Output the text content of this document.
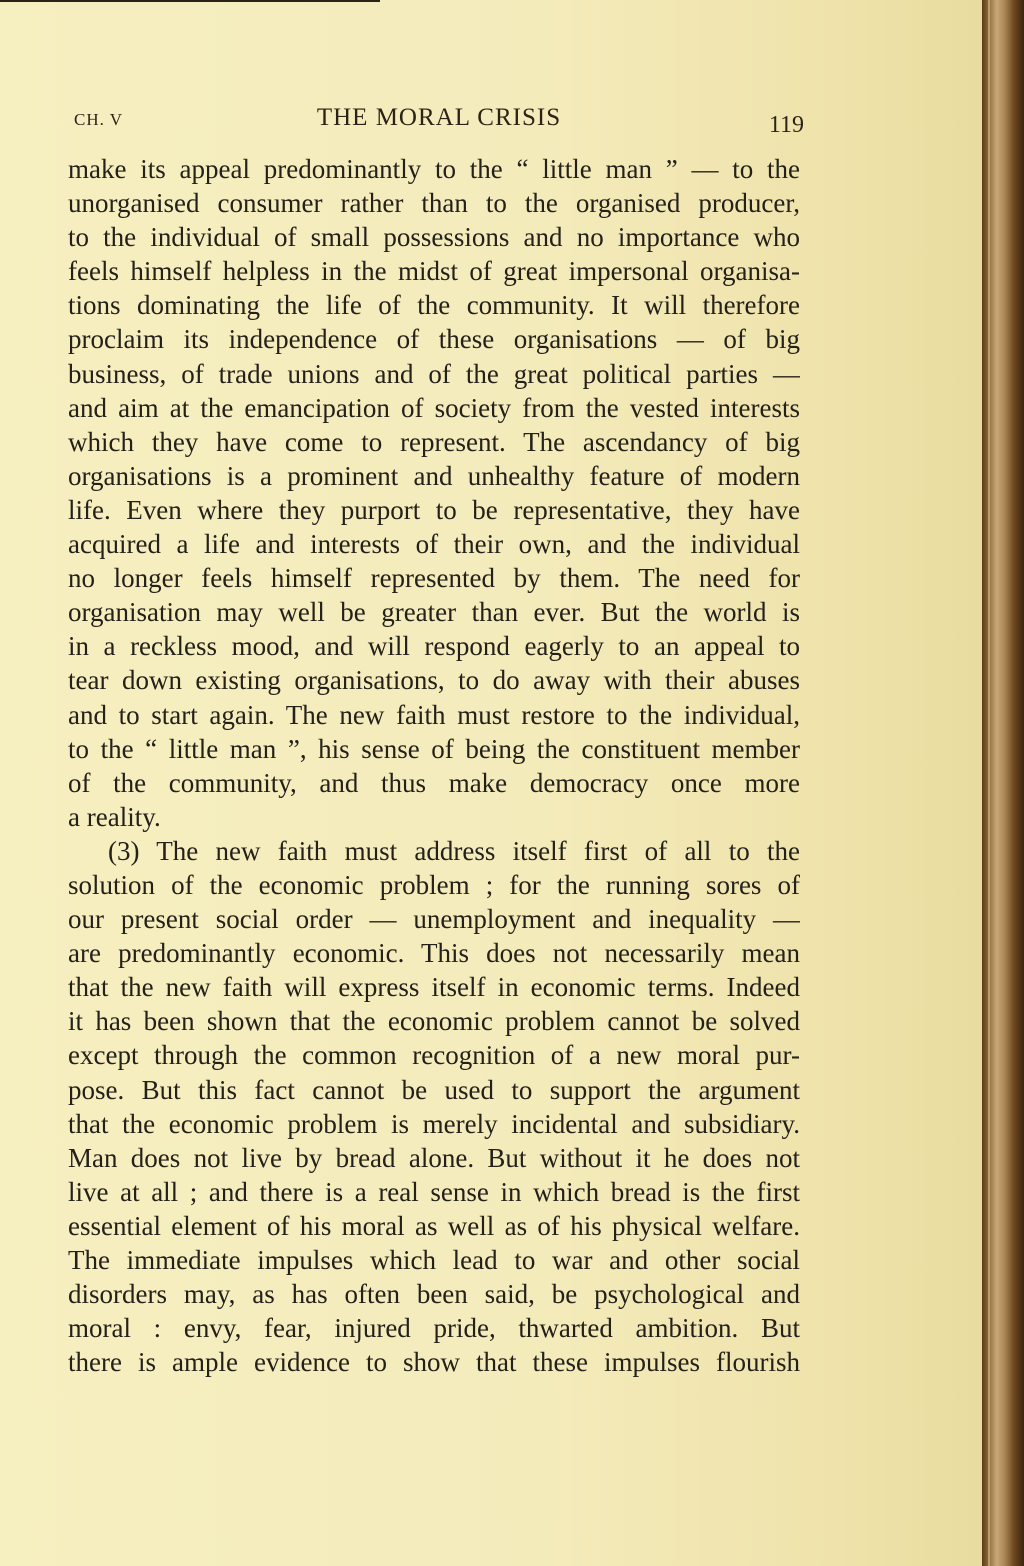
CH. V	THE MORAL CRISIS	119
make its appeal predominantly to the “ little man ” — to the
unorganised consumer rather than to the organised producer,
to the individual of small possessions and no importance who
feels himself helpless in the midst of great impersonal organisa-
tions dominating the life of the community. It will therefore
proclaim its independence of these organisations — of big
business, of trade unions and of the great political parties —
and aim at the emancipation of society from the vested interests
which they have come to represent. The ascendancy of big
organisations is a prominent and unhealthy feature of modern
life. Even where they purport to be representative, they have
acquired a life and interests of their own, and the individual
no longer feels himself represented by them. The need for
organisation may well be greater than ever. But the world is
in a reckless mood, and will respond eagerly to an appeal to
tear down existing organisations, to do away with their abuses
and to start again. The new faith must restore to the individual,
to the “ little man ”, his sense of being the constituent member
of the community, and thus make democracy once more
a reality.
(3) The new faith must address itself first of all to the
solution of the economic problem ; for the running sores of
our present social order — unemployment and inequality —
are predominantly economic. This does not necessarily mean
that the new faith will express itself in economic terms. Indeed
it has been shown that the economic problem cannot be solved
except through the common recognition of a new moral pur-
pose. But this fact cannot be used to support the argument
that the economic problem is merely incidental and subsidiary.
Man does not live by bread alone. But without it he does not
live at all ; and there is a real sense in which bread is the first
essential element of his moral as well as of his physical welfare.
The immediate impulses which lead to war and other social
disorders may, as has often been said, be psychological and
moral : envy, fear, injured pride, thwarted ambition. But
there is ample evidence to show that these impulses flourish
